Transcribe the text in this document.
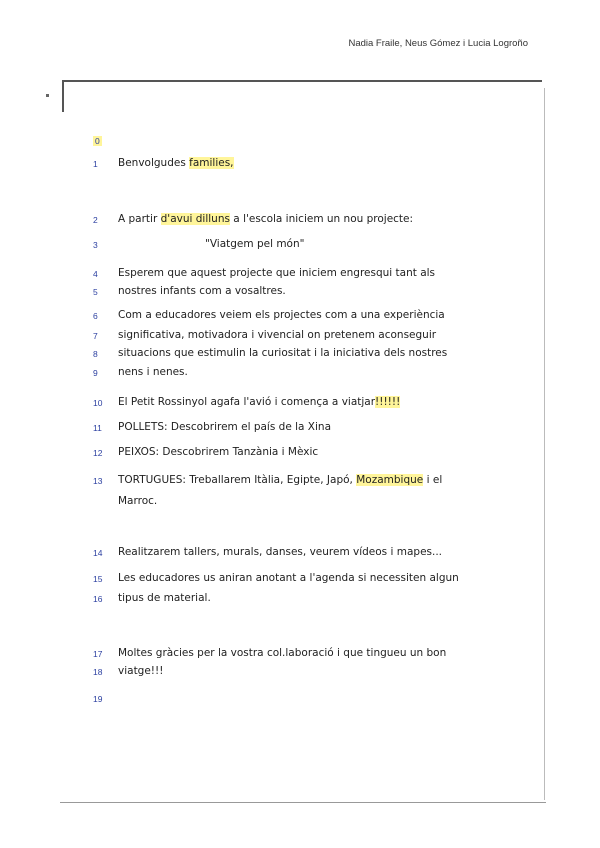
Nadia Fraile, Neus Gómez i Lucia Logroño
0
1 Benvolgudes families,
2 A partir d'avui dilluns a l'escola iniciem un nou projecte:
3	"Viatgem pel món"
4 Esperem que aquest projecte que iniciem engresqui tant als
5 nostres infants com a vosaltres.
6 Com a educadores veiem els projectes com a una experiència
7 significativa, motivadora i vivencial on pretenem aconseguir
8 situacions que estimulin la curiositat i la iniciativa dels nostres
9 nens i nenes.
10 El Petit Rossinyol agafa l'avió i comença a viatjar!!!!!!
11 POLLETS: Descobrirem el país de la Xina
12 PEIXOS: Descobrirem Tanzània i Mèxic
13 TORTUGUES: Treballarem Itàlia, Egipte, Japó, Mozambique i el
Marroc.
14 Realitzarem tallers, murals, danses, veurem vídeos i mapes...
15 Les educadores us aniran anotant a l'agenda si necessiten algun
16 tipus de material.
17 Moltes gràcies per la vostra col.laboració i que tingueu un bon
18 viatge!!!
19
